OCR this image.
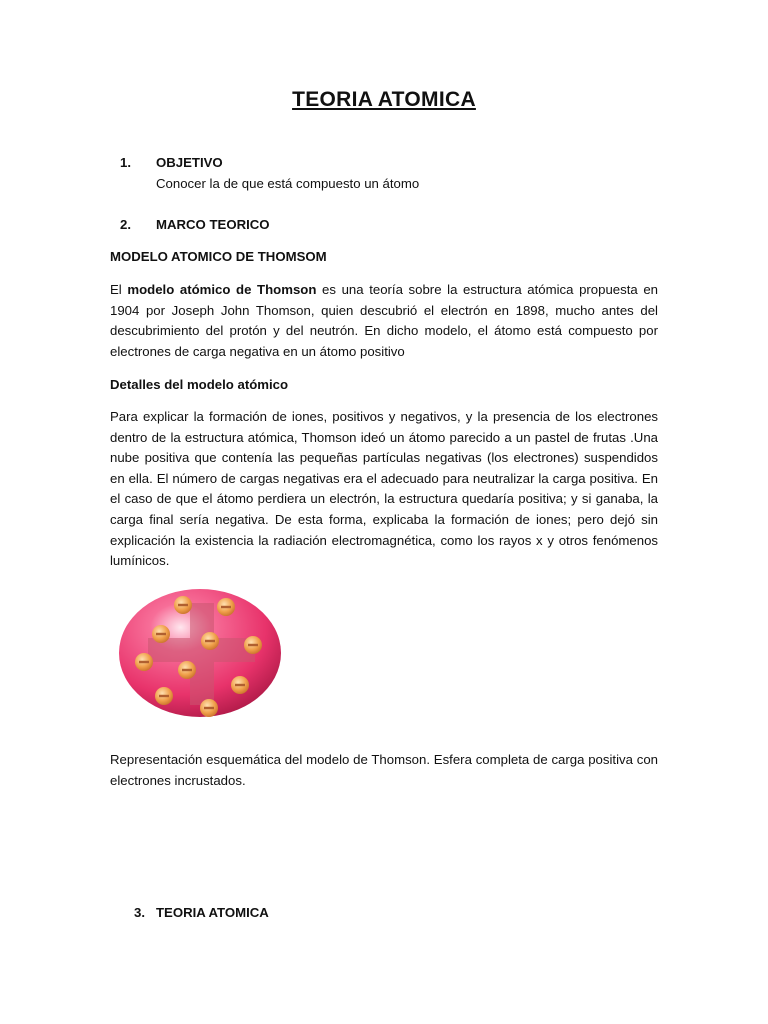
TEORIA ATOMICA
1. OBJETIVO
Conocer la de que está compuesto un átomo
2. MARCO TEORICO
MODELO ATOMICO DE THOMSOM

El modelo atómico de Thomson es una teoría sobre la estructura atómica propuesta en 1904 por Joseph John Thomson, quien descubrió el electrón en 1898, mucho antes del descubrimiento del protón y del neutrón. En dicho modelo, el átomo está compuesto por electrones de carga negativa en un átomo positivo

Detalles del modelo atómico

Para explicar la formación de iones, positivos y negativos, y la presencia de los electrones dentro de la estructura atómica, Thomson ideó un átomo parecido a un pastel de frutas .Una nube positiva que contenía las pequeñas partículas negativas (los electrones) suspendidos en ella. El número de cargas negativas era el adecuado para neutralizar la carga positiva. En el caso de que el átomo perdiera un electrón, la estructura quedaría positiva; y si ganaba, la carga final sería negativa. De esta forma, explicaba la formación de iones; pero dejó sin explicación la existencia la radiación electromagnética, como los rayos x y otros fenómenos lumínicos.

Representación esquemática del modelo de Thomson. Esfera completa de carga positiva con electrones incrustados.

3. TEORIA ATOMICA
